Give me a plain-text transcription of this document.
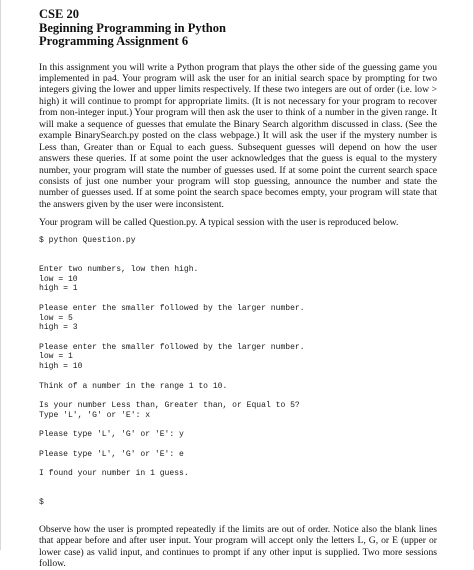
CSE 20

Beginning Programming in Python

Programming Assignment 6

In this assignment you will write a Python program that plays the other side of the guessing game you implemented in pa4. Your program will ask the user for an initial search space by prompting for two integers giving the lower and upper limits respectively. If these two integers are out of order (i.e. low > high) it will continue to prompt for appropriate limits. (It is not necessary for your program to recover from non-integer input.) Your program will then ask the user to think of a number in the given range. It will make a sequence of guesses that emulate the Binary Search algorithm discussed in class. (See the example BinarySearch.py posted on the class webpage.) It will ask the user if the mystery number is Less than, Greater than or Equal to each guess. Subsequent guesses will depend on how the user answers these queries. If at some point the user acknowledges that the guess is equal to the mystery number, your program will state the number of guesses used. If at some point the current search space consists of just one number your program will stop guessing, announce the number and state the number of guesses used. If at some point the search space becomes empty, your program will state that the answers given by the user were inconsistent.

Your program will be called Question.py. A typical session with the user is reproduced below.

$ python Question.py

Enter two numbers, low then high.
low = 10
high = 1

Please enter the smaller followed by the larger number.
low = 5
high = 3

Please enter the smaller followed by the larger number.
low = 1
high = 10

Think of a number in the range 1 to 10.

Is your number Less than, Greater than, or Equal to 5?
Type 'L', 'G' or 'E': x

Please type 'L', 'G' or 'E': y

Please type 'L', 'G' or 'E': e

I found your number in 1 guess.

$

Observe how the user is prompted repeatedly if the limits are out of order. Notice also the blank lines that appear before and after user input. Your program will accept only the letters L, G, or E (upper or lower case) as valid input, and continues to prompt if any other input is supplied. Two more sessions follow.
